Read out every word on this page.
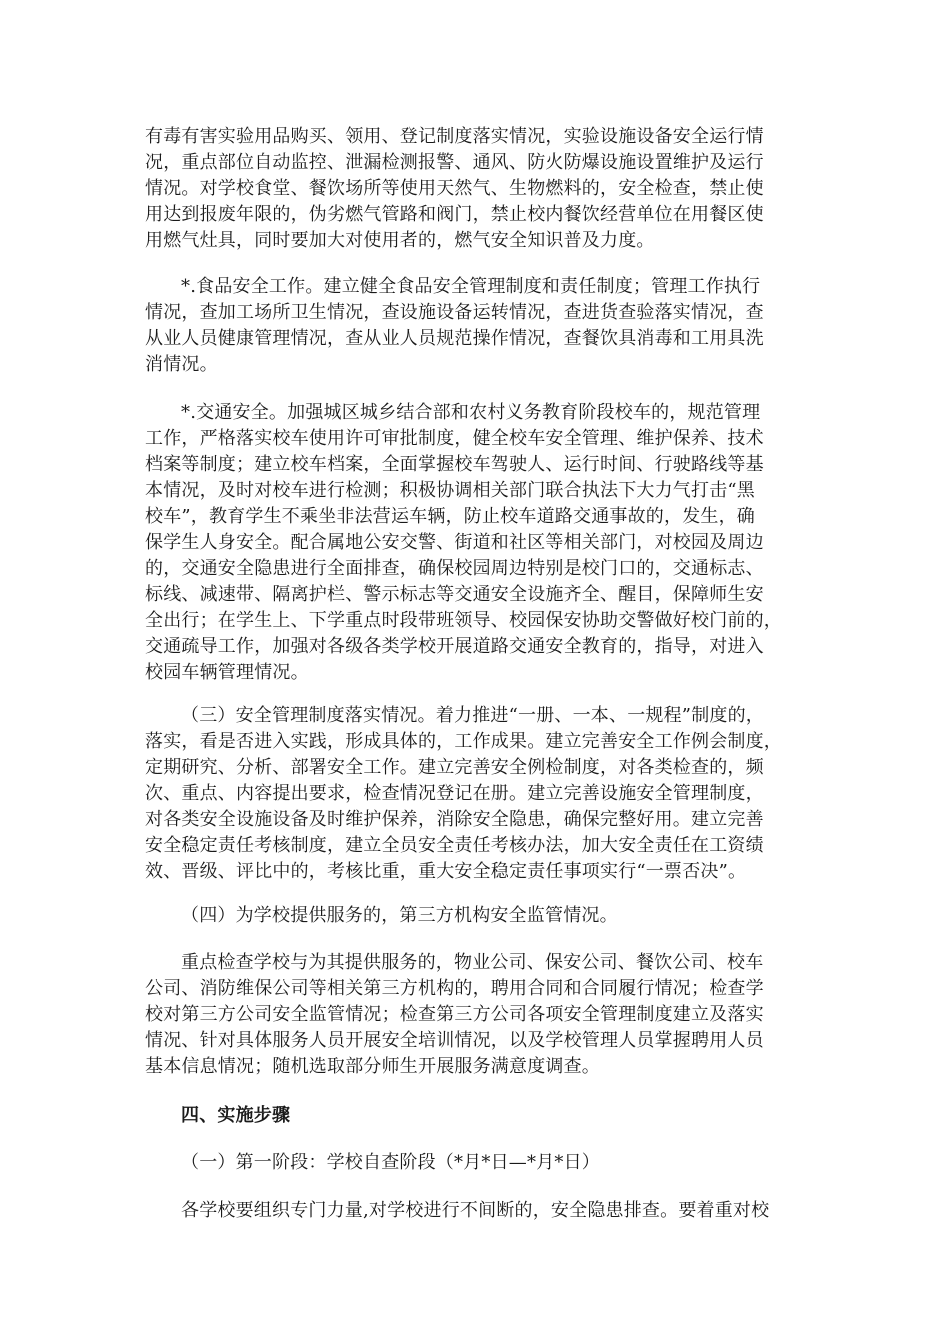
有毒有害实验用品购买、领用、登记制度落实情况，实验设施设备安全运行情
况，重点部位自动监控、泄漏检测报警、通风、防火防爆设施设置维护及运行
情况。对学校食堂、餐饮场所等使用天然气、生物燃料的，安全检查，禁止使
用达到报废年限的，伪劣燃气管路和阀门，禁止校内餐饮经营单位在用餐区使
用燃气灶具，同时要加大对使用者的，燃气安全知识普及力度。
*.食品安全工作。建立健全食品安全管理制度和责任制度；管理工作执行
情况，查加工场所卫生情况，查设施设备运转情况，查进货查验落实情况，查
从业人员健康管理情况，查从业人员规范操作情况，查餐饮具消毒和工用具洗
消情况。
*.交通安全。加强城区城乡结合部和农村义务教育阶段校车的，规范管理
工作，严格落实校车使用许可审批制度，健全校车安全管理、维护保养、技术
档案等制度；建立校车档案，全面掌握校车驾驶人、运行时间、行驶路线等基
本情况，及时对校车进行检测；积极协调相关部门联合执法下大力气打击“黑
校车”，教育学生不乘坐非法营运车辆，防止校车道路交通事故的，发生，确
保学生人身安全。配合属地公安交警、街道和社区等相关部门，对校园及周边
的，交通安全隐患进行全面排查，确保校园周边特别是校门口的，交通标志、
标线、减速带、隔离护栏、警示标志等交通安全设施齐全、醒目，保障师生安
全出行；在学生上、下学重点时段带班领导、校园保安协助交警做好校门前的，
交通疏导工作，加强对各级各类学校开展道路交通安全教育的，指导，对进入
校园车辆管理情况。
（三）安全管理制度落实情况。着力推进“一册、一本、一规程”制度的，
落实，看是否进入实践，形成具体的，工作成果。建立完善安全工作例会制度，
定期研究、分析、部署安全工作。建立完善安全例检制度，对各类检查的，频
次、重点、内容提出要求，检查情况登记在册。建立完善设施安全管理制度，
对各类安全设施设备及时维护保养，消除安全隐患，确保完整好用。建立完善
安全稳定责任考核制度，建立全员安全责任考核办法，加大安全责任在工资绩
效、晋级、评比中的，考核比重，重大安全稳定责任事项实行“一票否决”。
（四）为学校提供服务的，第三方机构安全监管情况。
重点检查学校与为其提供服务的，物业公司、保安公司、餐饮公司、校车
公司、消防维保公司等相关第三方机构的，聘用合同和合同履行情况；检查学
校对第三方公司安全监管情况；检查第三方公司各项安全管理制度建立及落实
情况、针对具体服务人员开展安全培训情况，以及学校管理人员掌握聘用人员
基本信息情况；随机选取部分师生开展服务满意度调查。
四、实施步骤
（一）第一阶段：学校自查阶段（*月*日—*月*日）
各学校要组织专门力量,对学校进行不间断的，安全隐患排查。要着重对校
